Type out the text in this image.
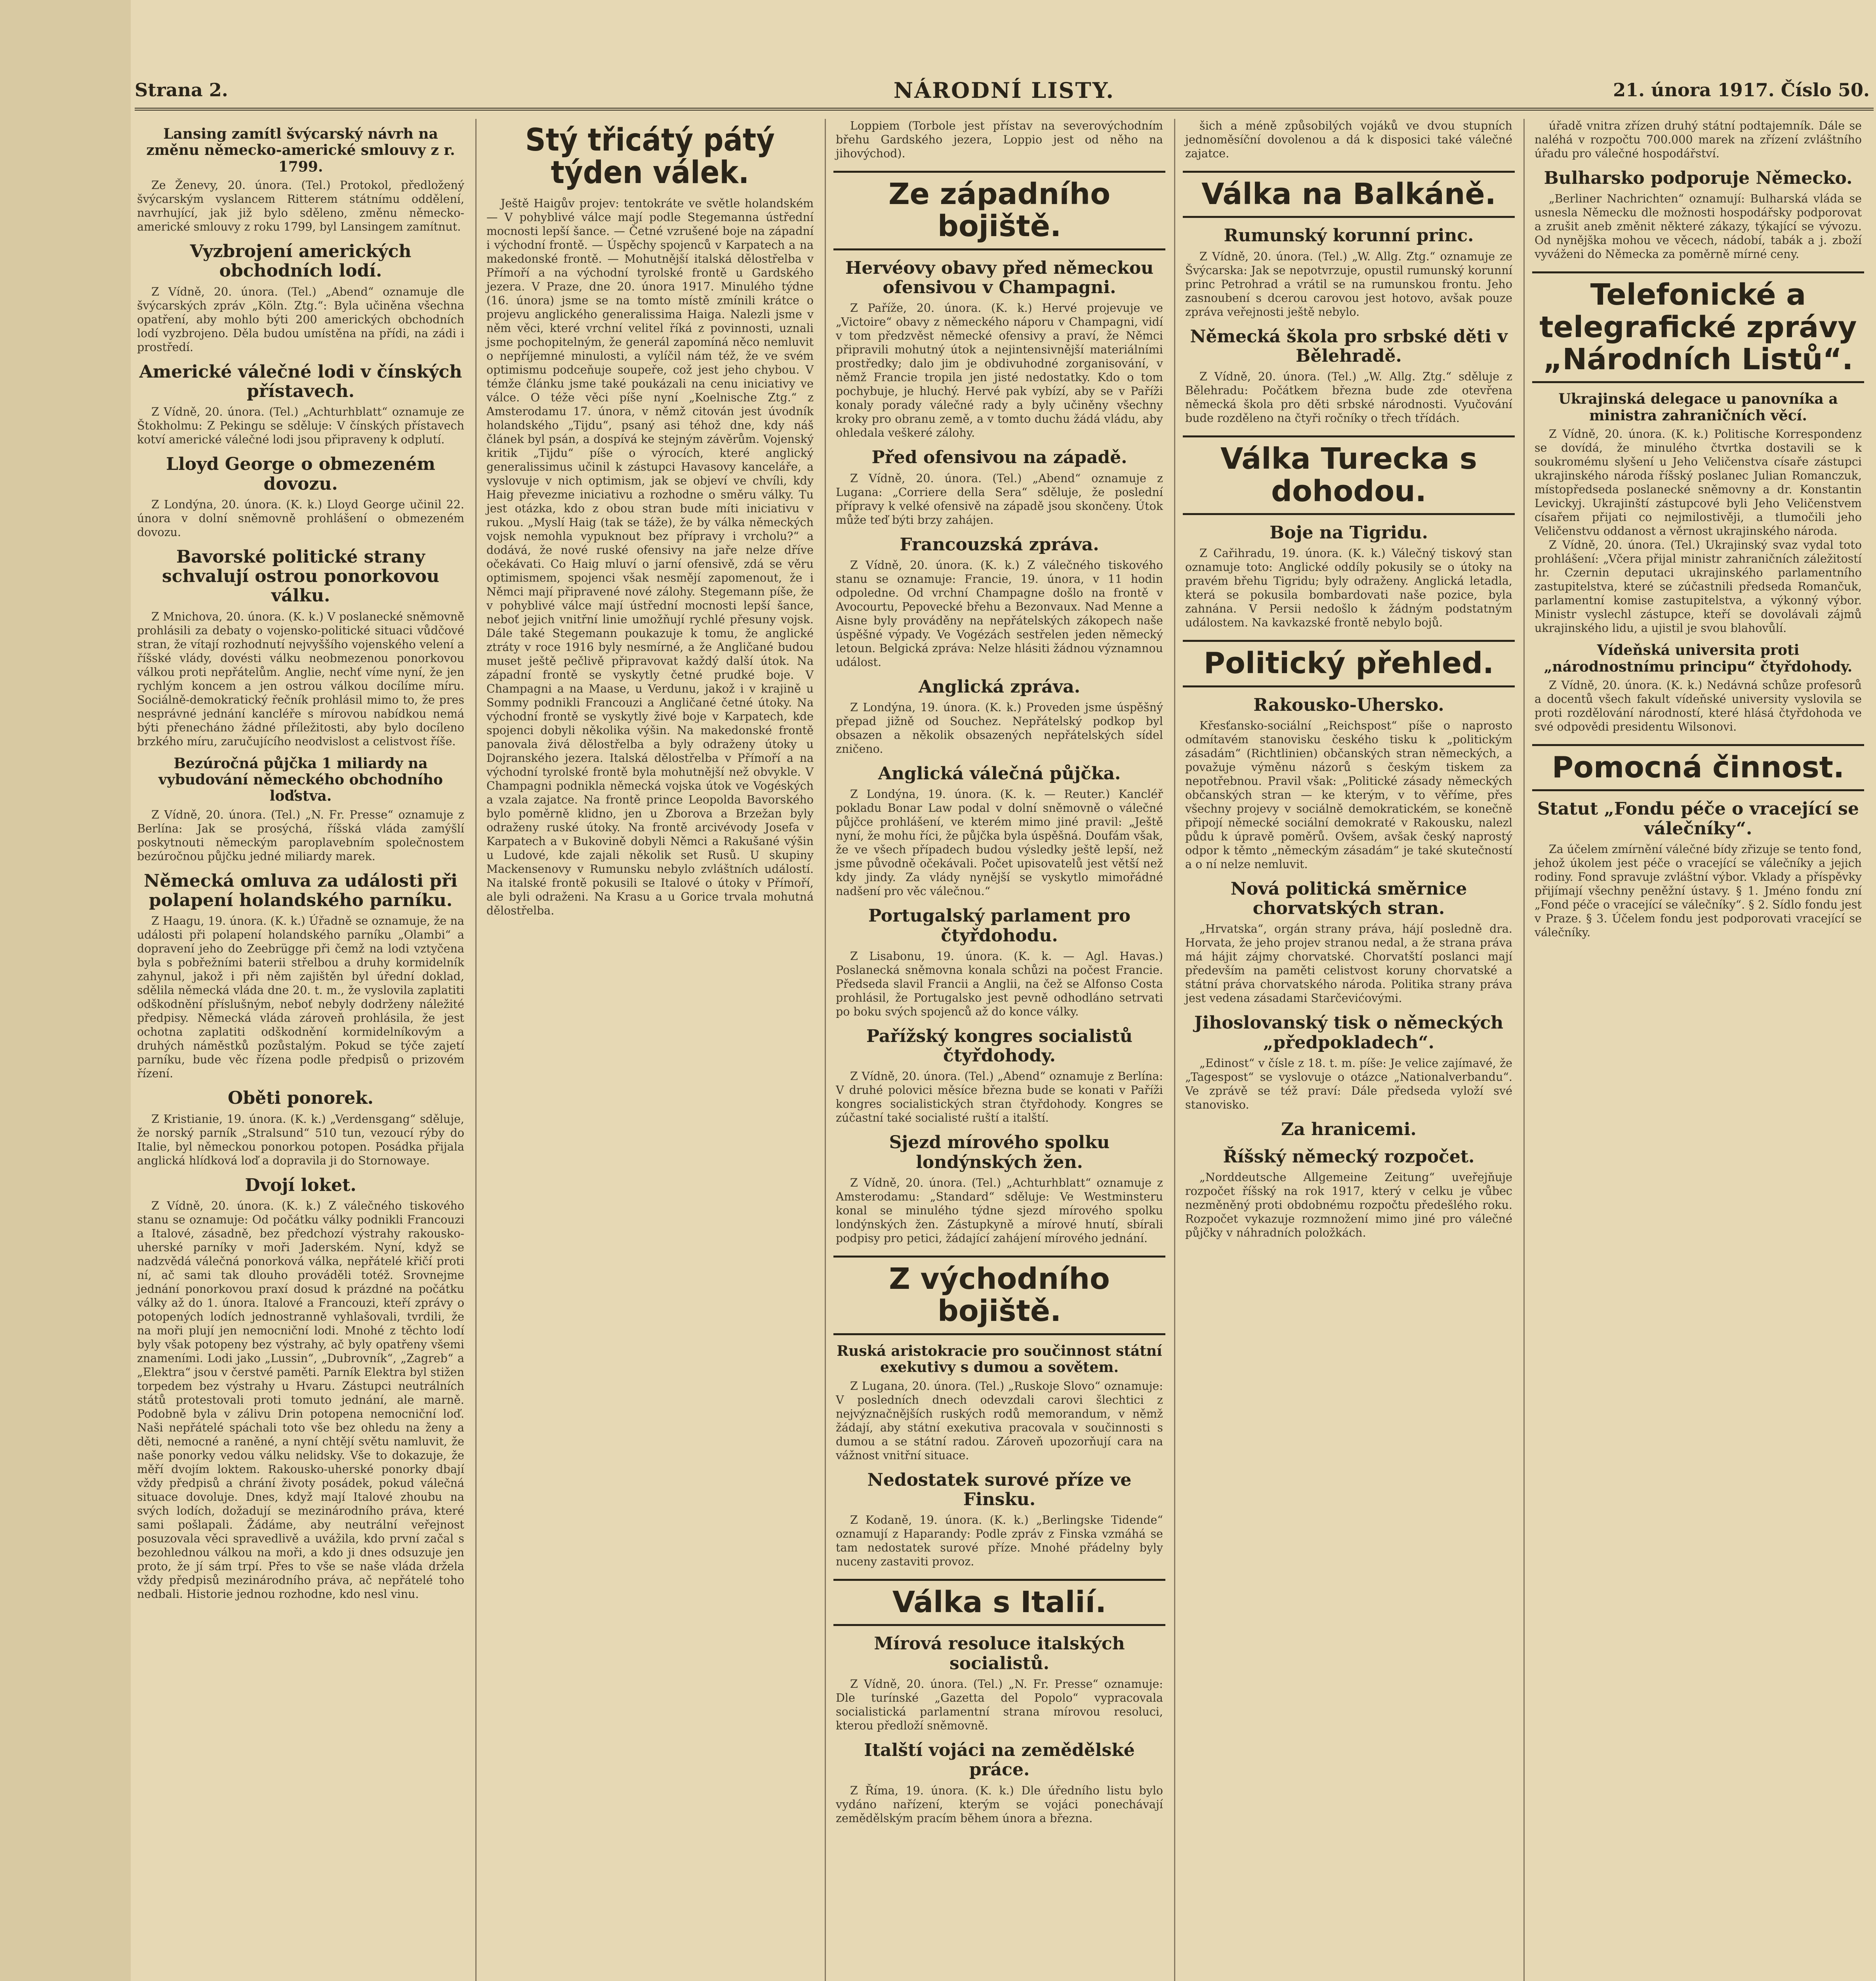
Strana 2.	NÁRODNÍ LISTY.	21. února 1917. Číslo 50.
Lansing zamítl švýcarský návrh na změnu německo-americké smlouvy z r. 1799.
Ze Ženevy, 20. února. (Tel.) Protokol, předložený švýcarským vyslancem Ritterem státnímu oddělení, navrhující, jak již bylo sděleno, změnu německo-americké smlouvy z roku 1799, byl Lansingem zamítnut.
Vyzbrojení amerických obchodních lodí.
Z Vídně, 20. února. (Tel.) „Abend“ oznamuje dle švýcarských zpráv „Köln. Ztg.“: Byla učiněna všechna opatření, aby mohlo býti 200 amerických obchodních lodí vyzbrojeno. Děla budou umístěna na přídi, na zádi i prostředí.
Americké válečné lodi v čínských přístavech.
Z Vídně, 20. února. (Tel.) „Achturhblatt“ oznamuje ze Štokholmu: Z Pekingu se sděluje: V čínských přístavech kotví americké válečné lodi jsou připraveny k odplutí.
Lloyd George o obmezeném dovozu.
Z Londýna, 20. února. (K. k.) Lloyd George učinil 22. února v dolní sněmovně prohlášení o obmezeném dovozu.
Bavorské politické strany schvalují ostrou ponorkovou válku.
Z Mnichova, 20. února. (K. k.) V poslanecké sněmovně prohlásili za debaty o vojensko-politické situaci vůdčové stran, že vítají rozhodnutí nejvyššího vojenského velení a říšské vlády, dovésti válku neobmezenou ponorkovou válkou proti nepřátelům. Anglie, nechť víme nyní, že jen rychlým koncem a jen ostrou válkou docílíme míru. Sociálně-demokratický řečník prohlásil mimo to, že pres nesprávné jednání kancléře s mírovou nabídkou nemá býti přenecháno žádné příležitosti, aby bylo docíleno brzkého míru, zaručujícího neodvislost a celistvost říše.
Bezúročná půjčka 1 miliardy na vybudování německého obchodního loďstva.
Z Vídně, 20. února. (Tel.) „N. Fr. Presse“ oznamuje z Berlína: Jak se prosýchá, říšská vláda zamýšlí poskytnouti německým paroplavebním společnostem bezúročnou půjčku jedné miliardy marek.
Německá omluva za události při polapení holandského parníku.
Z Haagu, 19. února. (K. k.) Úřadně se oznamuje, že na události při polapení holandského parníku „Olambi“ a dopravení jeho do Zeebrügge při čemž na lodi vztyčena byla s pobřežními baterii střelbou a druhy kormidelník zahynul, jakož i při něm zajištěn byl úřední doklad, sdělila německá vláda dne 20. t. m., že vyslovila zaplatiti odškodnění příslušným, neboť nebyly dodrženy náležité předpisy. Německá vláda zároveň prohlásila, že jest ochotna zaplatiti odškodnění kormidelníkovým a druhých náměstků pozůstalým. Pokud se týče zajetí parníku, bude věc řízena podle předpisů o prizovém řízení.
Oběti ponorek.
Z Kristianie, 19. února. (K. k.) „Verdensgang“ sděluje, že norský parník „Stralsund“ 510 tun, vezoucí rýby do Italie, byl německou ponorkou potopen. Posádka přijala anglická hlídková loď a dopravila ji do Stornowaye.
Dvojí loket.
Z Vídně, 20. února. (K. k.) Z válečného tiskového stanu se oznamuje: Od počátku války podnikli Francouzi a Italové, zásadně, bez předchozí výstrahy rakousko-uherské parníky v moři Jaderském. Nyní, když se nadzvědá válečná ponorková válka, nepřátelé křičí proti ní, ač sami tak dlouho prováděli totéž. Srovnejme jednání ponorkovou praxí dosud k prázdné na počátku války až do 1. února. Italové a Francouzi, kteří zprávy o potopených lodích jednostranně vyhlašovali, tvrdili, že na moři plují jen nemocniční lodi. Mnohé z těchto lodí byly však potopeny bez výstrahy, ač byly opatřeny všemi znameními. Lodi jako „Lussin“, „Dubrovník“, „Zagreb“ a „Elektra“ jsou v čerstvé paměti. Parník Elektra byl stižen torpedem bez výstrahy u Hvaru. Zástupci neutrálních států protestovali proti tomuto jednání, ale marně. Podobně byla v zálivu Drin potopena nemocniční loď. Naši nepřátelé spáchali toto vše bez ohledu na ženy a děti, nemocné a raněné, a nyní chtějí světu namluvit, že naše ponorky vedou válku nelidsky. Vše to dokazuje, že měří dvojím loktem. Rakousko-uherské ponorky dbají vždy předpisů a chrání životy posádek, pokud válečná situace dovoluje. Dnes, když mají Italové zhoubu na svých lodích, dožadují se mezinárodního práva, které sami pošlapali. Žádáme, aby neutrální veřejnost posuzovala věci spravedlivě a uvážila, kdo první začal s bezohlednou válkou na moři, a kdo ji dnes odsuzuje jen proto, že jí sám trpí. Přes to vše se naše vláda držela vždy předpisů mezinárodního práva, ač nepřátelé toho nedbali. Historie jednou rozhodne, kdo nesl vinu.
Stý třicátý pátý týden válek.
Ještě Haigův projev: tentokráte ve světle holandském — V pohyblivé válce mají podle Stegemanna ústřední mocnosti lepší šance. — Četné vzrušené boje na západní i východní frontě. — Úspěchy spojenců v Karpatech a na makedonské frontě. — Mohutnější italská dělostřelba v Přímoří a na východní tyrolské frontě u Gardského jezera. V Praze, dne 20. února 1917. Minulého týdne (16. února) jsme se na tomto místě zmínili krátce o projevu anglického generalissima Haiga. Nalezli jsme v něm věci, které vrchní velitel říká z povinnosti, uznali jsme pochopitelným, že generál zapomíná něco nemluvit o nepříjemné minulosti, a vylíčil nám též, že ve svém optimismu podceňuje soupeře, což jest jeho chybou. V témže článku jsme také poukázali na cenu iniciativy ve válce. O téže věci píše nyní „Koelnische Ztg.“ z Amsterodamu 17. února, v němž citován jest úvodník holandského „Tijdu“, psaný asi téhož dne, kdy náš článek byl psán, a dospívá ke stejným závěrům. Vojenský kritik „Tijdu“ píše o výrocích, které anglický generalissimus učinil k zástupci Havasovy kanceláře, a vyslovuje v nich optimism, jak se objeví ve chvíli, kdy Haig převezme iniciativu a rozhodne o směru války. Tu jest otázka, kdo z obou stran bude míti iniciativu v rukou. „Myslí Haig (tak se táže), že by válka německých vojsk nemohla vypuknout bez přípravy i vrcholu?“ a dodává, že nové ruské ofensivy na jaře nelze dříve očekávati. Co Haig mluví o jarní ofensivě, zdá se věru optimismem, spojenci však nesmějí zapomenout, že i Němci mají připravené nové zálohy. Stegemann píše, že v pohyblivé válce mají ústřední mocnosti lepší šance, neboť jejich vnitřní linie umožňují rychlé přesuny vojsk. Dále také Stegemann poukazuje k tomu, že anglické ztráty v roce 1916 byly nesmírné, a že Angličané budou muset ještě pečlivě připravovat každý další útok. Na západní frontě se vyskytly četné prudké boje. V Champagni a na Maase, u Verdunu, jakož i v krajině u Sommy podnikli Francouzi a Angličané četné útoky. Na východní frontě se vyskytly živé boje v Karpatech, kde spojenci dobyli několika výšin. Na makedonské frontě panovala živá dělostřelba a byly odraženy útoky u Dojranského jezera. Italská dělostřelba v Přímoří a na východní tyrolské frontě byla mohutnější než obvykle. V Champagni podnikla německá vojska útok ve Vogéských a vzala zajatce. Na frontě prince Leopolda Bavorského bylo poměrně klidno, jen u Zborova a Brzežan byly odraženy ruské útoky. Na frontě arcivévody Josefa v Karpatech a v Bukovině dobyli Němci a Rakušané výšin u Ludové, kde zajali několik set Rusů. U skupiny Mackensenovy v Rumunsku nebylo zvláštních událostí. Na italské frontě pokusili se Italové o útoky v Přímoří, ale byli odraženi. Na Krasu a u Gorice trvala mohutná dělostřelba.
Loppiem (Torbole jest přístav na severovýchodním břehu Gardského jezera, Loppio jest od něho na jihovýchod).
Ze západního bojiště.
Hervéovy obavy před německou ofensivou v Champagni.
Z Paříže, 20. února. (K. k.) Hervé projevuje ve „Victoire“ obavy z německého náporu v Champagni, vidí v tom předzvěst německé ofensivy a praví, že Němci připravili mohutný útok a nejintensivnější materiálními prostředky; dalo jim je obdivuhodné zorganisování, v němž Francie tropila jen jisté nedostatky. Kdo o tom pochybuje, je hluchý. Hervé pak vybízí, aby se v Paříži konaly porady válečné rady a byly učiněny všechny kroky pro obranu země, a v tomto duchu žádá vládu, aby ohledala veškeré zálohy.
Před ofensivou na západě.
Z Vídně, 20. února. (Tel.) „Abend“ oznamuje z Lugana: „Corriere della Sera“ sděluje, že poslední přípravy k velké ofensivě na západě jsou skončeny. Útok může teď býti brzy zahájen.
Francouzská zpráva.
Z Vídně, 20. února. (K. k.) Z válečného tiskového stanu se oznamuje: Francie, 19. února, v 11 hodin odpoledne. Od vrchní Champagne došlo na frontě v Avocourtu, Pepovecké břehu a Bezonvaux. Nad Menne a Aisne byly prováděny na nepřátelských zákopech naše úspěšné výpady. Ve Vogézách sestřelen jeden německý letoun. Belgická zpráva: Nelze hlásiti žádnou významnou událost.
Anglická zpráva.
Z Londýna, 19. února. (K. k.) Proveden jsme úspěšný přepad jižně od Souchez. Nepřátelský podkop byl obsazen a několik obsazených nepřátelských sídel zničeno.
Anglická válečná půjčka.
Z Londýna, 19. února. (K. k. — Reuter.) Kancléř pokladu Bonar Law podal v dolní sněmovně o válečné půjčce prohlášení, ve kterém mimo jiné pravil: „Ještě nyní, že mohu říci, že půjčka byla úspěšná. Doufám však, že ve všech případech budou výsledky ještě lepší, než jsme původně očekávali. Počet upisovatelů jest větší než kdy jindy. Za vlády nynější se vyskytlo mimořádné nadšení pro věc válečnou.“
Portugalský parlament pro čtyřdohodu.
Z Lisabonu, 19. února. (K. k. — Agl. Havas.) Poslanecká sněmovna konala schůzi na počest Francie. Předseda slavil Francii a Anglii, na čež se Alfonso Costa prohlásil, že Portugalsko jest pevně odhodláno setrvati po boku svých spojenců až do konce války.
Pařížský kongres socialistů čtyřdohody.
Z Vídně, 20. února. (Tel.) „Abend“ oznamuje z Berlína: V druhé polovici měsíce března bude se konati v Paříži kongres socialistických stran čtyřdohody. Kongres se zúčastní také socialisté ruští a italští.
Sjezd mírového spolku londýnských žen.
Z Vídně, 20. února. (Tel.) „Achturhblatt“ oznamuje z Amsterodamu: „Standard“ sděluje: Ve Westminsteru konal se minulého týdne sjezd mírového spolku londýnských žen. Zástupkyně a mírové hnutí, sbírali podpisy pro petici, žádající zahájení mírového jednání.
Z východního bojiště.
Ruská aristokracie pro součinnost státní exekutivy s dumou a sovětem.
Z Lugana, 20. února. (Tel.) „Ruskoje Slovo“ oznamuje: V posledních dnech odevzdali carovi šlechtici z nejvýznačnějších ruských rodů memorandum, v němž žádají, aby státní exekutiva pracovala v součinnosti s dumou a se státní radou. Zároveň upozorňují cara na vážnost vnitřní situace.
Nedostatek surové příze ve Finsku.
Z Kodaně, 19. února. (K. k.) „Berlingske Tidende“ oznamují z Haparandy: Podle zpráv z Finska vzmáhá se tam nedostatek surové příze. Mnohé přádelny byly nuceny zastaviti provoz.
Válka s Italií.
Mírová resoluce italských socialistů.
Z Vídně, 20. února. (Tel.) „N. Fr. Presse“ oznamuje: Dle turínské „Gazetta del Popolo“ vypracovala socialistická parlamentní strana mírovou resoluci, kterou předloží sněmovně.
Italští vojáci na zemědělské práce.
Z Říma, 19. února. (K. k.) Dle úředního listu bylo vydáno nařízení, kterým se vojáci ponechávají zemědělským pracím během února a března.
šich a méně způsobilých vojáků ve dvou stupních jednoměsíční dovolenou a dá k disposici také válečné zajatce.
Válka na Balkáně.
Rumunský korunní princ.
Z Vídně, 20. února. (Tel.) „W. Allg. Ztg.“ oznamuje ze Švýcarska: Jak se nepotvrzuje, opustil rumunský korunní princ Petrohrad a vrátil se na rumunskou frontu. Jeho zasnoubení s dcerou carovou jest hotovo, avšak pouze zpráva veřejnosti ještě nebylo.
Německá škola pro srbské děti v Bělehradě.
Z Vídně, 20. února. (Tel.) „W. Allg. Ztg.“ sděluje z Bělehradu: Počátkem března bude zde otevřena německá škola pro děti srbské národnosti. Vyučování bude rozděleno na čtyři ročníky o třech třídách.
Válka Turecka s dohodou.
Boje na Tigridu.
Z Cařihradu, 19. února. (K. k.) Válečný tiskový stan oznamuje toto: Anglické oddíly pokusily se o útoky na pravém břehu Tigridu; byly odraženy. Anglická letadla, která se pokusila bombardovati naše pozice, byla zahnána. V Persii nedošlo k žádným podstatným událostem. Na kavkazské frontě nebylo bojů.
Politický přehled.
Rakousko-Uhersko.
Křesťansko-sociální „Reichspost“ píše o naprosto odmítavém stanovisku českého tisku k „politickým zásadám“ (Richtlinien) občanských stran německých, a považuje výměnu názorů s českým tiskem za nepotřebnou. Pravil však: „Politické zásady německých občanských stran — ke kterým, v to věříme, přes všechny projevy v sociálně demokratickém, se konečně připojí německé sociální demokraté v Rakousku, nalezl půdu k úpravě poměrů. Ovšem, avšak český naprostý odpor k těmto „německým zásadám“ je také skutečností a o ní nelze nemluvit.
Nová politická směrnice chorvatských stran.
„Hrvatska“, orgán strany práva, hájí posledně dra. Horvata, že jeho projev stranou nedal, a že strana práva má hájit zájmy chorvatské. Chorvatští poslanci mají především na paměti celistvost koruny chorvatské a státní práva chorvatského národa. Politika strany práva jest vedena zásadami Starčevićovými.
Jihoslovanský tisk o německých „předpokladech“.
„Edinost“ v čísle z 18. t. m. píše: Je velice zajímavé, že „Tagespost“ se vyslovuje o otázce „Nationalverbandu“. Ve zprávě se též praví: Dále předseda vyloží své stanovisko.
Za hranicemi.
Říšský německý rozpočet.
„Norddeutsche Allgemeine Zeitung“ uveřejňuje rozpočet říšský na rok 1917, který v celku je vůbec nezměněný proti obdobnému rozpočtu předešlého roku. Rozpočet vykazuje rozmnožení mimo jiné pro válečné půjčky v náhradních položkách.
úřadě vnitra zřízen druhý státní podtajemník. Dále se naléhá v rozpočtu 700.000 marek na zřízení zvláštního úřadu pro válečné hospodářství.
Bulharsko podporuje Německo.
„Berliner Nachrichten“ oznamují: Bulharská vláda se usnesla Německu dle možnosti hospodářsky podporovat a zrušit aneb změnit některé zákazy, týkající se vývozu. Od nynějška mohou ve věcech, nádobí, tabák a j. zboží vyváženi do Německa za poměrně mírné ceny.
Telefonické a telegrafické zprávy „Národních Listů“.
Ukrajinská delegace u panovníka a ministra zahraničních věcí.
Z Vídně, 20. února. (K. k.) Politische Korrespondenz se dovídá, že minulého čtvrtka dostavili se k soukromému slyšení u Jeho Veličenstva císaře zástupci ukrajinského národa říšský poslanec Julian Romanczuk, místopředseda poslanecké sněmovny a dr. Konstantin Levickyj. Ukrajinští zástupcové byli Jeho Veličenstvem císařem přijati co nejmilostivěji, a tlumočili jeho Veličenstvu oddanost a věrnost ukrajinského národa.
Z Vídně, 20. února. (Tel.) Ukrajinský svaz vydal toto prohlášení: „Včera přijal ministr zahraničních záležitostí hr. Czernin deputaci ukrajinského parlamentního zastupitelstva, které se zúčastnili předseda Romančuk, parlamentní komise zastupitelstva, a výkonný výbor. Ministr vyslechl zástupce, kteří se dovolávali zájmů ukrajinského lidu, a ujistil je svou blahovůlí.
Vídeňská universita proti „národnostnímu principu“ čtyřdohody.
Z Vídně, 20. února. (K. k.) Nedávná schůze profesorů a docentů všech fakult vídeňské university vyslovila se proti rozdělování národností, které hlásá čtyřdohoda ve své odpovědi presidentu Wilsonovi.
Pomocná činnost.
Statut „Fondu péče o vracející se válečníky“.
Za účelem zmírnění válečné bídy zřizuje se tento fond, jehož úkolem jest péče o vracející se válečníky a jejich rodiny. Fond spravuje zvláštní výbor. Vklady a příspěvky přijímají všechny peněžní ústavy. § 1. Jméno fondu zní „Fond péče o vracející se válečníky“. § 2. Sídlo fondu jest v Praze. § 3. Účelem fondu jest podporovati vracející se válečníky.
